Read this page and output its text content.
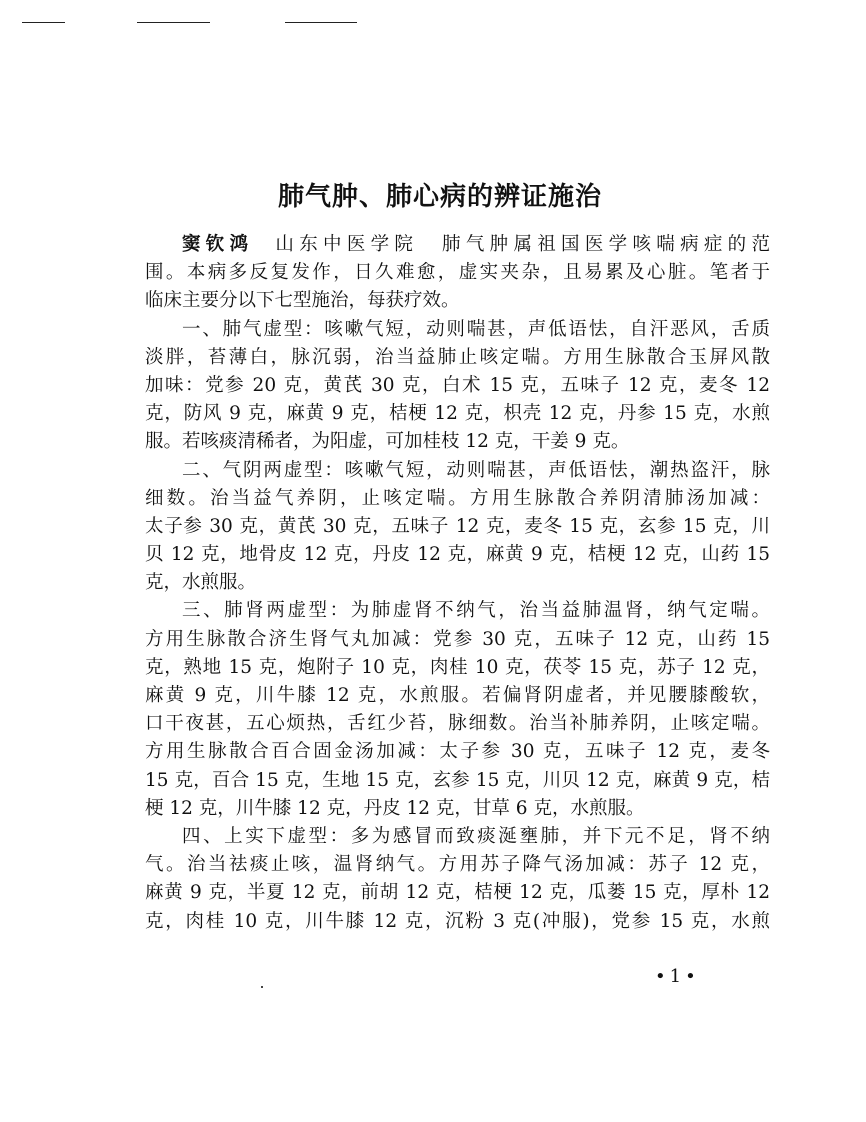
肺气肿、肺心病的辨证施治
窦钦鸿 山东中医学院　肺气肿属祖国医学咳喘病症的范
围。本病多反复发作，日久难愈，虚实夹杂，且易累及心脏。笔者于
临床主要分以下七型施治，每获疗效。
一、肺气虚型：咳嗽气短，动则喘甚，声低语怯，自汗恶风，舌质
淡胖，苔薄白，脉沉弱，治当益肺止咳定喘。方用生脉散合玉屏风散
加味：党参 20 克，黄芪 30 克，白术 15 克，五味子 12 克，麦冬 12
克，防风 9 克，麻黄 9 克，桔梗 12 克，枳壳 12 克，丹参 15 克，水煎
服。若咳痰清稀者，为阳虚，可加桂枝 12 克，干姜 9 克。
二、气阴两虚型：咳嗽气短，动则喘甚，声低语怯，潮热盗汗，脉
细数。治当益气养阴，止咳定喘。方用生脉散合养阴清肺汤加减：
太子参 30 克，黄芪 30 克，五味子 12 克，麦冬 15 克，玄参 15 克，川
贝 12 克，地骨皮 12 克，丹皮 12 克，麻黄 9 克，桔梗 12 克，山药 15
克，水煎服。
三、肺肾两虚型：为肺虚肾不纳气，治当益肺温肾，纳气定喘。
方用生脉散合济生肾气丸加减：党参 30 克，五味子 12 克，山药 15
克，熟地 15 克，炮附子 10 克，肉桂 10 克，茯苓 15 克，苏子 12 克，
麻黄 9 克，川牛膝 12 克，水煎服。若偏肾阴虚者，并见腰膝酸软，
口干夜甚，五心烦热，舌红少苔，脉细数。治当补肺养阴，止咳定喘。
方用生脉散合百合固金汤加减：太子参 30 克，五味子 12 克，麦冬
15 克，百合 15 克，生地 15 克，玄参 15 克，川贝 12 克，麻黄 9 克，桔
梗 12 克，川牛膝 12 克，丹皮 12 克，甘草 6 克，水煎服。
四、上实下虚型：多为感冒而致痰涎壅肺，并下元不足，肾不纳
气。治当祛痰止咳，温肾纳气。方用苏子降气汤加减：苏子 12 克，
麻黄 9 克，半夏 12 克，前胡 12 克，桔梗 12 克，瓜蒌 15 克，厚朴 12
克，肉桂 10 克，川牛膝 12 克，沉粉 3 克(冲服)，党参 15 克，水煎
•1•
